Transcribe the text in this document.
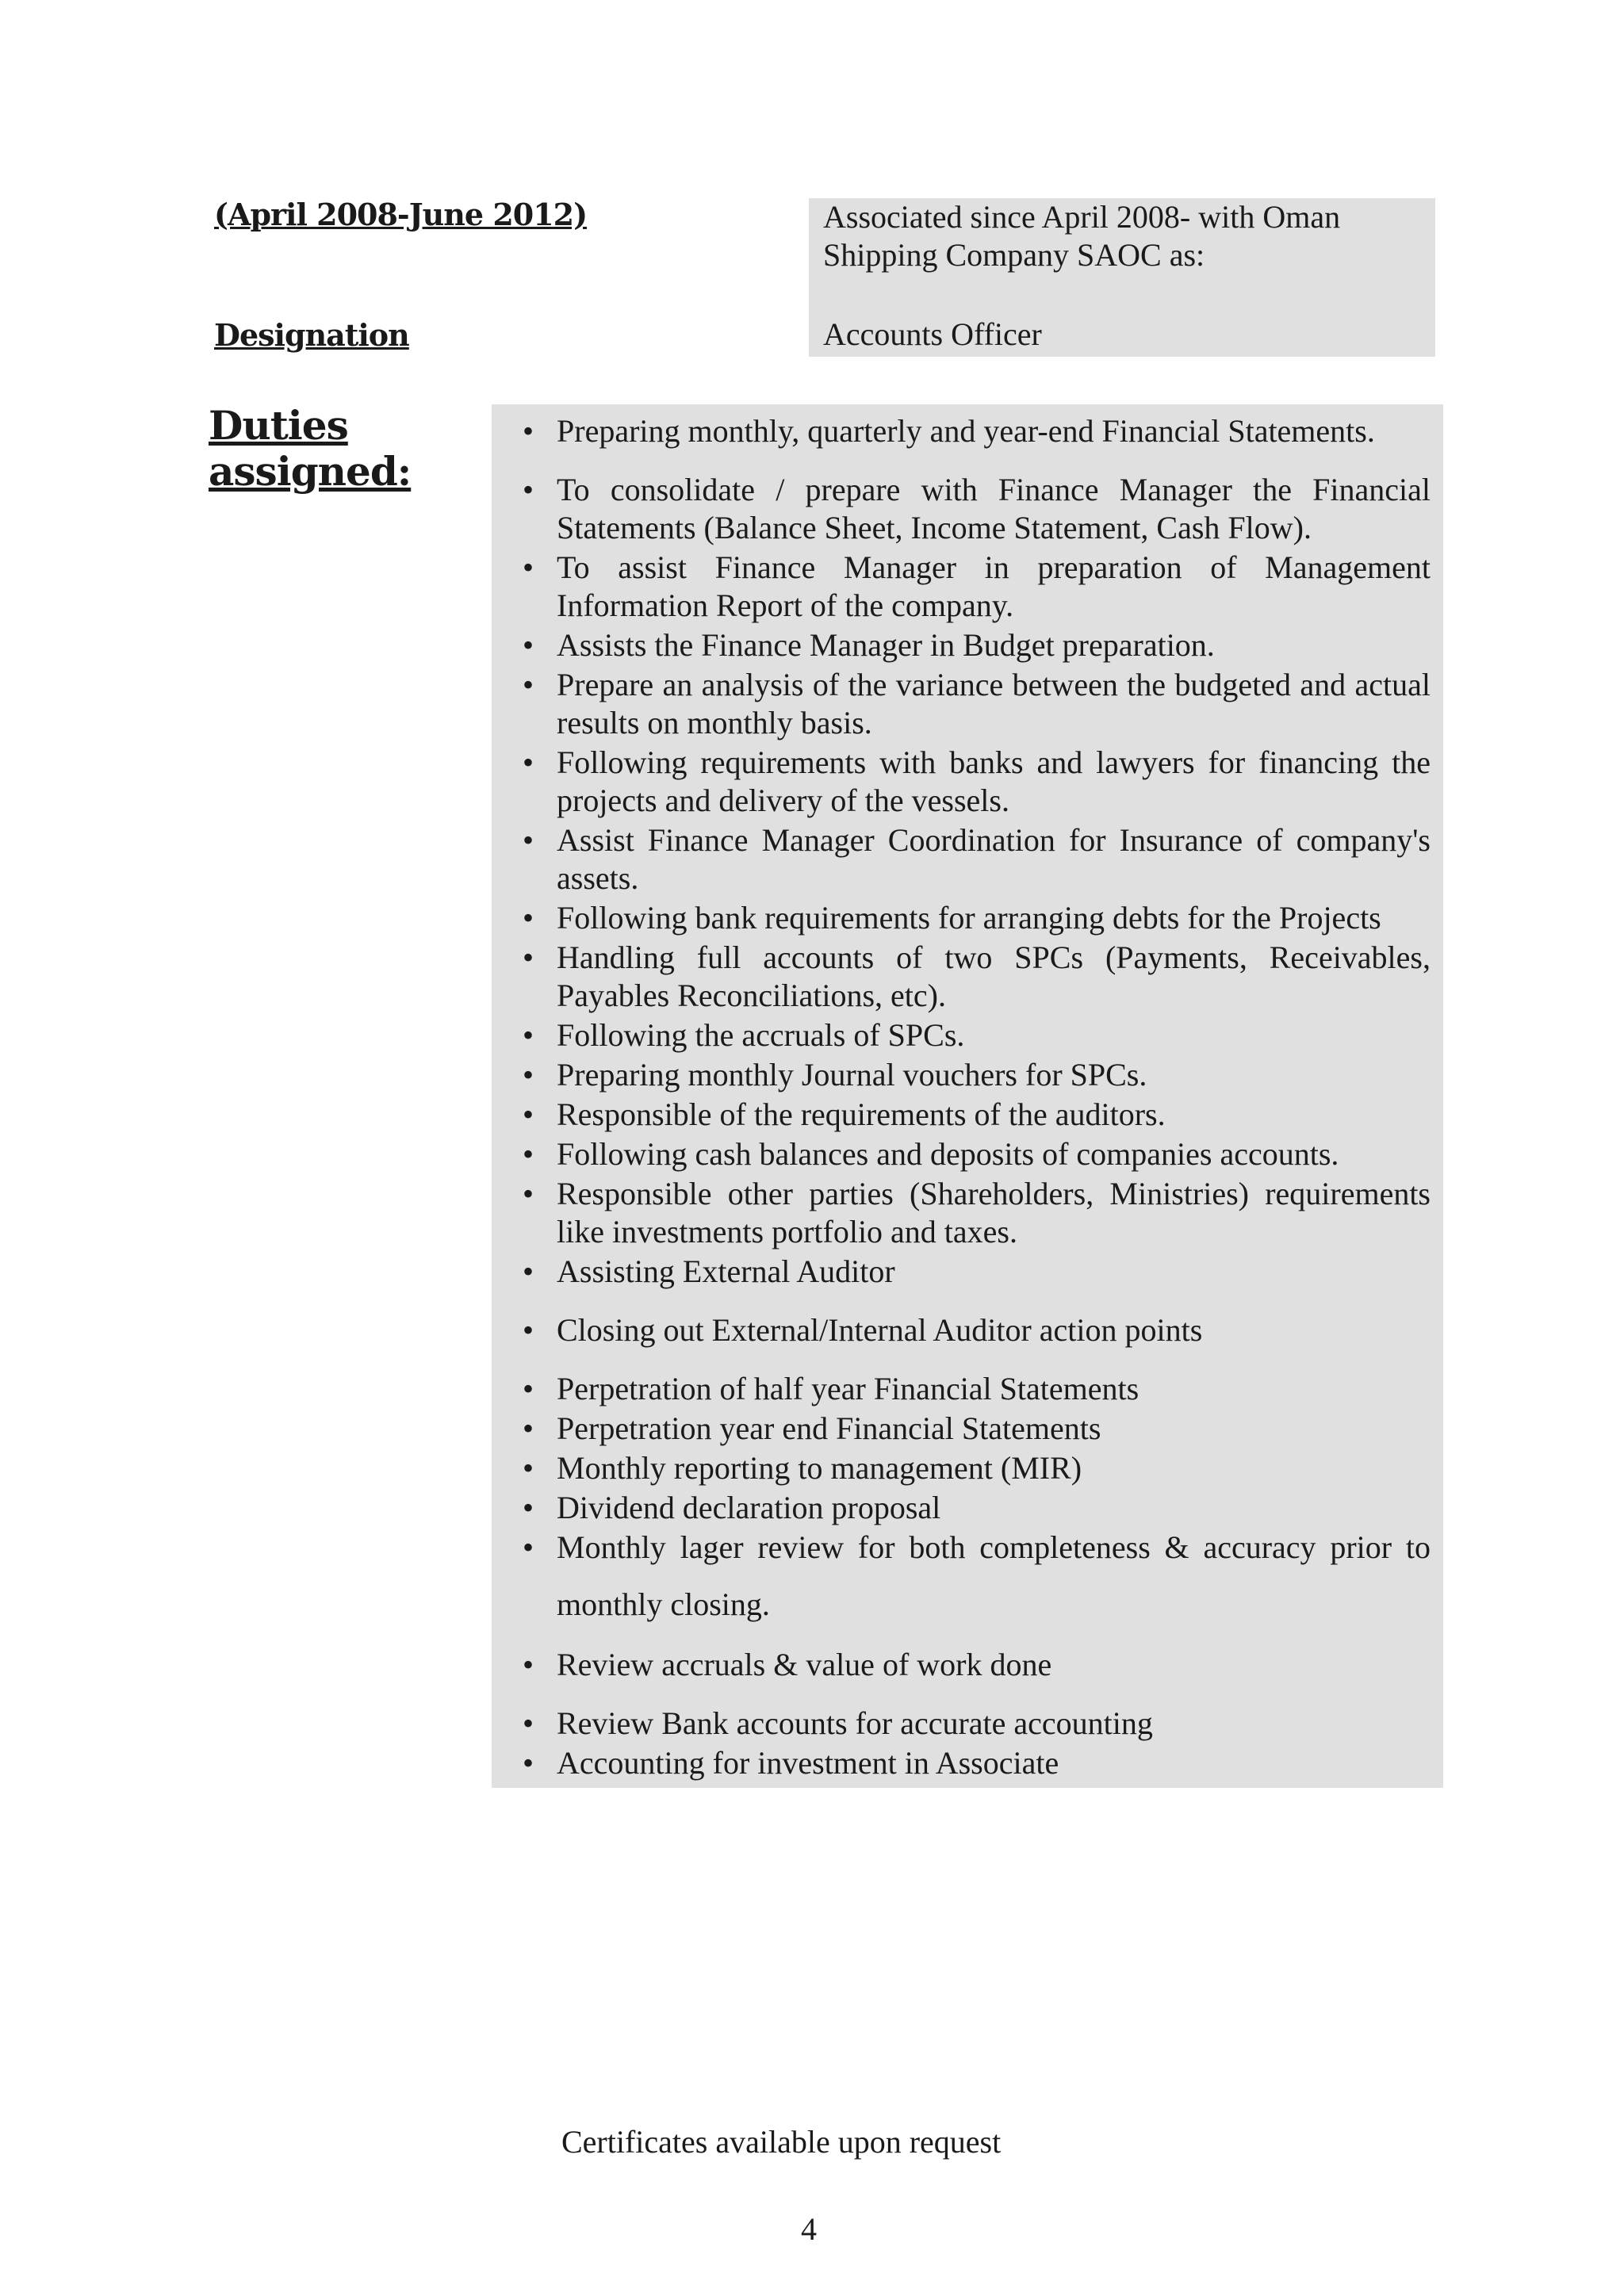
(April 2008-June 2012)
Designation
Associated since April 2008- with Oman Shipping Company SAOC as:
Accounts Officer
Duties
assigned:
• Preparing monthly, quarterly and year-end Financial Statements.
• To consolidate / prepare with Finance Manager the Financial Statements (Balance Sheet, Income Statement, Cash Flow).
• To assist Finance Manager in preparation of Management Information Report of the company.
• Assists the Finance Manager in Budget preparation.
• Prepare an analysis of the variance between the budgeted and actual results on monthly basis.
• Following requirements with banks and lawyers for financing the projects and delivery of the vessels.
• Assist Finance Manager Coordination for Insurance of company's assets.
• Following bank requirements for arranging debts for the Projects
• Handling full accounts of two SPCs (Payments, Receivables, Payables Reconciliations, etc).
• Following the accruals of SPCs.
• Preparing monthly Journal vouchers for SPCs.
• Responsible of the requirements of the auditors.
• Following cash balances and deposits of companies accounts.
• Responsible other parties (Shareholders, Ministries) requirements like investments portfolio and taxes.
• Assisting External Auditor
• Closing out External/Internal Auditor action points
• Perpetration of half year Financial Statements
• Perpetration year end Financial Statements
• Monthly reporting to management (MIR)
• Dividend declaration proposal
• Monthly lager review for both completeness & accuracy prior to monthly closing.
• Review accruals & value of work done
• Review Bank accounts for accurate accounting
• Accounting for investment in Associate
Certificates available upon request
4
